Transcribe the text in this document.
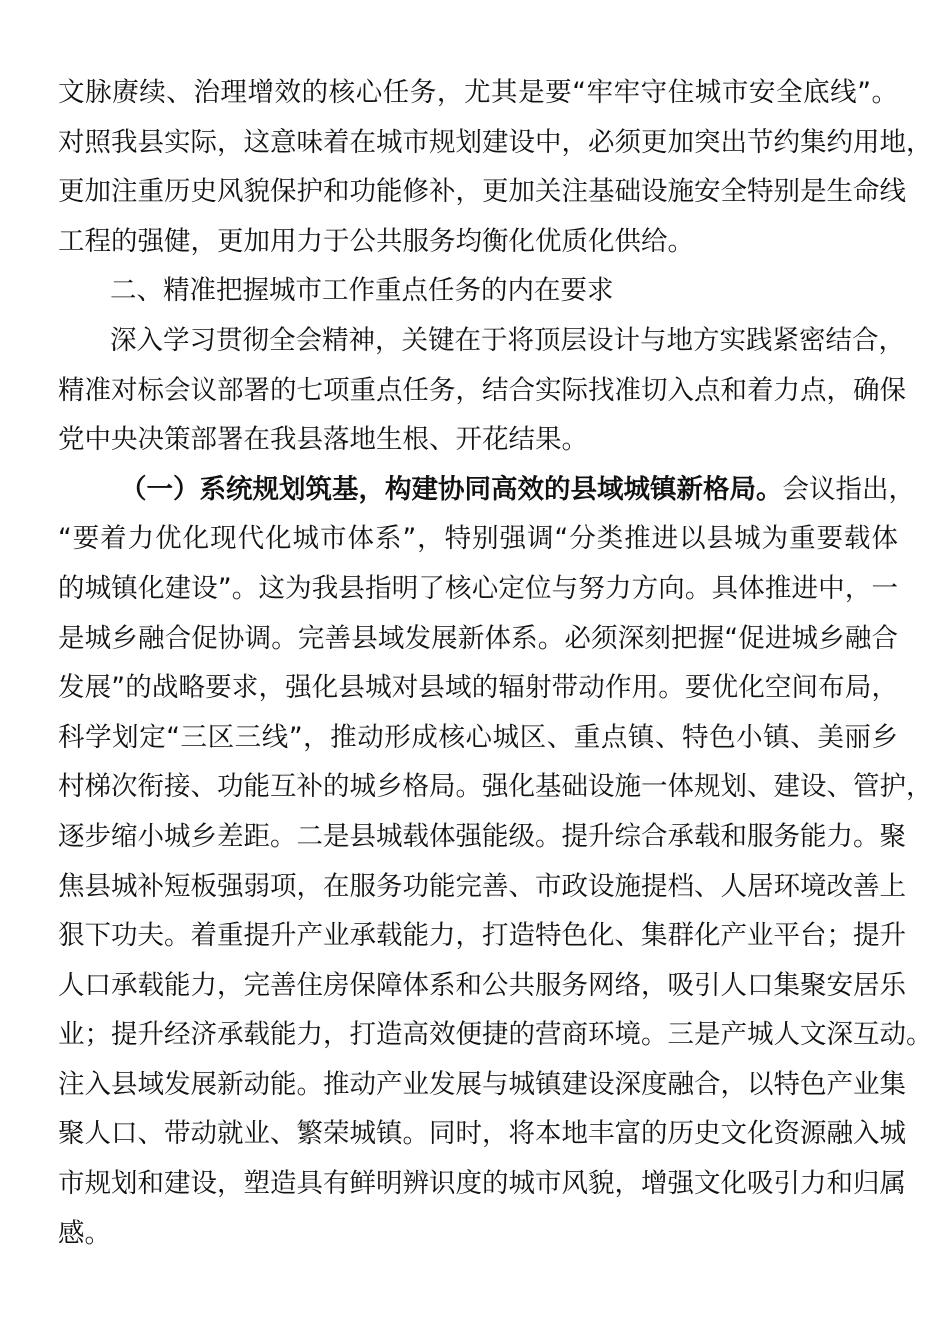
文脉赓续、治理增效的核心任务，尤其是要“牢牢守住城市安全底线”。
对照我县实际，这意味着在城市规划建设中，必须更加突出节约集约用地，
更加注重历史风貌保护和功能修补，更加关注基础设施安全特别是生命线
工程的强健，更加用力于公共服务均衡化优质化供给。
二、精准把握城市工作重点任务的内在要求
深入学习贯彻全会精神，关键在于将顶层设计与地方实践紧密结合，
精准对标会议部署的七项重点任务，结合实际找准切入点和着力点，确保
党中央决策部署在我县落地生根、开花结果。
（一）系统规划筑基，构建协同高效的县域城镇新格局。会议指出，
“要着力优化现代化城市体系”，特别强调“分类推进以县城为重要载体
的城镇化建设”。这为我县指明了核心定位与努力方向。具体推进中，一
是城乡融合促协调。完善县域发展新体系。必须深刻把握“促进城乡融合
发展”的战略要求，强化县城对县域的辐射带动作用。要优化空间布局，
科学划定“三区三线”，推动形成核心城区、重点镇、特色小镇、美丽乡
村梯次衔接、功能互补的城乡格局。强化基础设施一体规划、建设、管护，
逐步缩小城乡差距。二是县城载体强能级。提升综合承载和服务能力。聚
焦县城补短板强弱项，在服务功能完善、市政设施提档、人居环境改善上
狠下功夫。着重提升产业承载能力，打造特色化、集群化产业平台；提升
人口承载能力，完善住房保障体系和公共服务网络，吸引人口集聚安居乐
业；提升经济承载能力，打造高效便捷的营商环境。三是产城人文深互动。
注入县域发展新动能。推动产业发展与城镇建设深度融合，以特色产业集
聚人口、带动就业、繁荣城镇。同时，将本地丰富的历史文化资源融入城
市规划和建设，塑造具有鲜明辨识度的城市风貌，增强文化吸引力和归属
感。
